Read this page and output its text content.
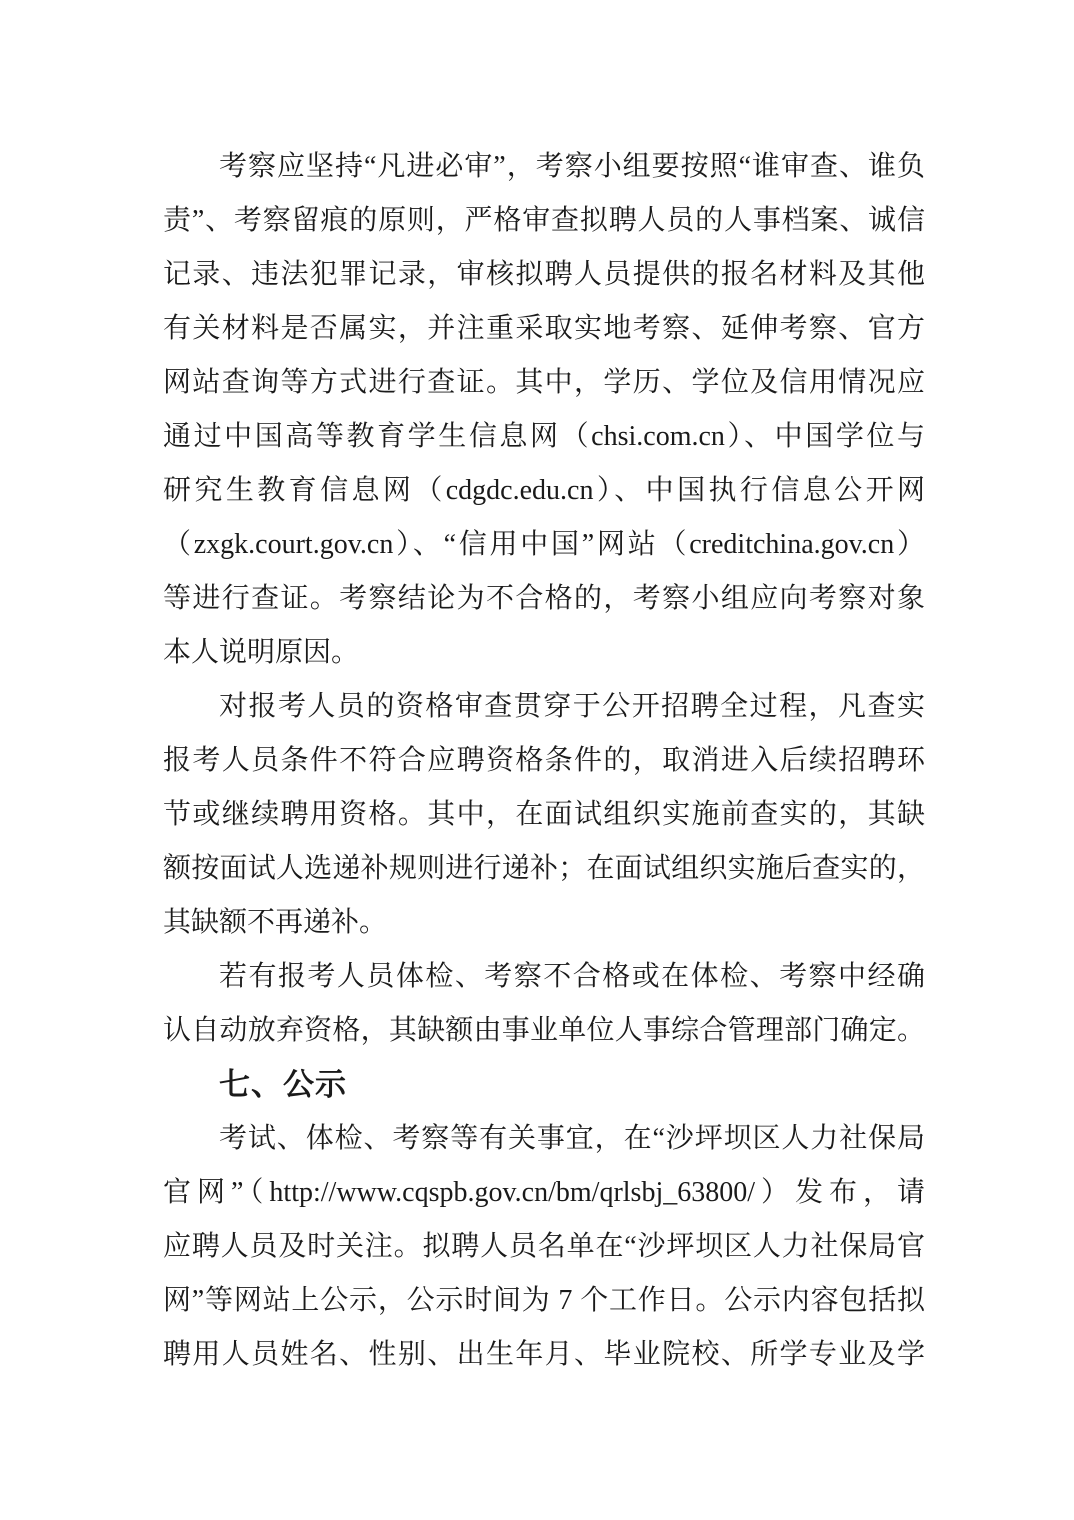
考察应坚持“凡进必审”，考察小组要按照“谁审查、谁负
责”、考察留痕的原则，严格审查拟聘人员的人事档案、诚信
记录、违法犯罪记录，审核拟聘人员提供的报名材料及其他
有关材料是否属实，并注重采取实地考察、延伸考察、官方
网站查询等方式进行查证。其中，学历、学位及信用情况应
通过中国高等教育学生信息网（chsi.com.cn）、中国学位与
研究生教育信息网（cdgdc.edu.cn）、中国执行信息公开网
（zxgk.court.gov.cn）、“信用中国”网站（creditchina.gov.cn）
等进行查证。考察结论为不合格的，考察小组应向考察对象
本人说明原因。
对报考人员的资格审查贯穿于公开招聘全过程，凡查实
报考人员条件不符合应聘资格条件的，取消进入后续招聘环
节或继续聘用资格。其中，在面试组织实施前查实的，其缺
额按面试人选递补规则进行递补；在面试组织实施后查实的，
其缺额不再递补。
若有报考人员体检、考察不合格或在体检、考察中经确
认自动放弃资格，其缺额由事业单位人事综合管理部门确定。
七、公示
考试、体检、考察等有关事宜，在“沙坪坝区人力社保局
官网”（http://www.cqspb.gov.cn/bm/qrlsbj_63800/）发布，请
应聘人员及时关注。拟聘人员名单在“沙坪坝区人力社保局官
网”等网站上公示，公示时间为 7 个工作日。公示内容包括拟
聘用人员姓名、性别、出生年月、毕业院校、所学专业及学
